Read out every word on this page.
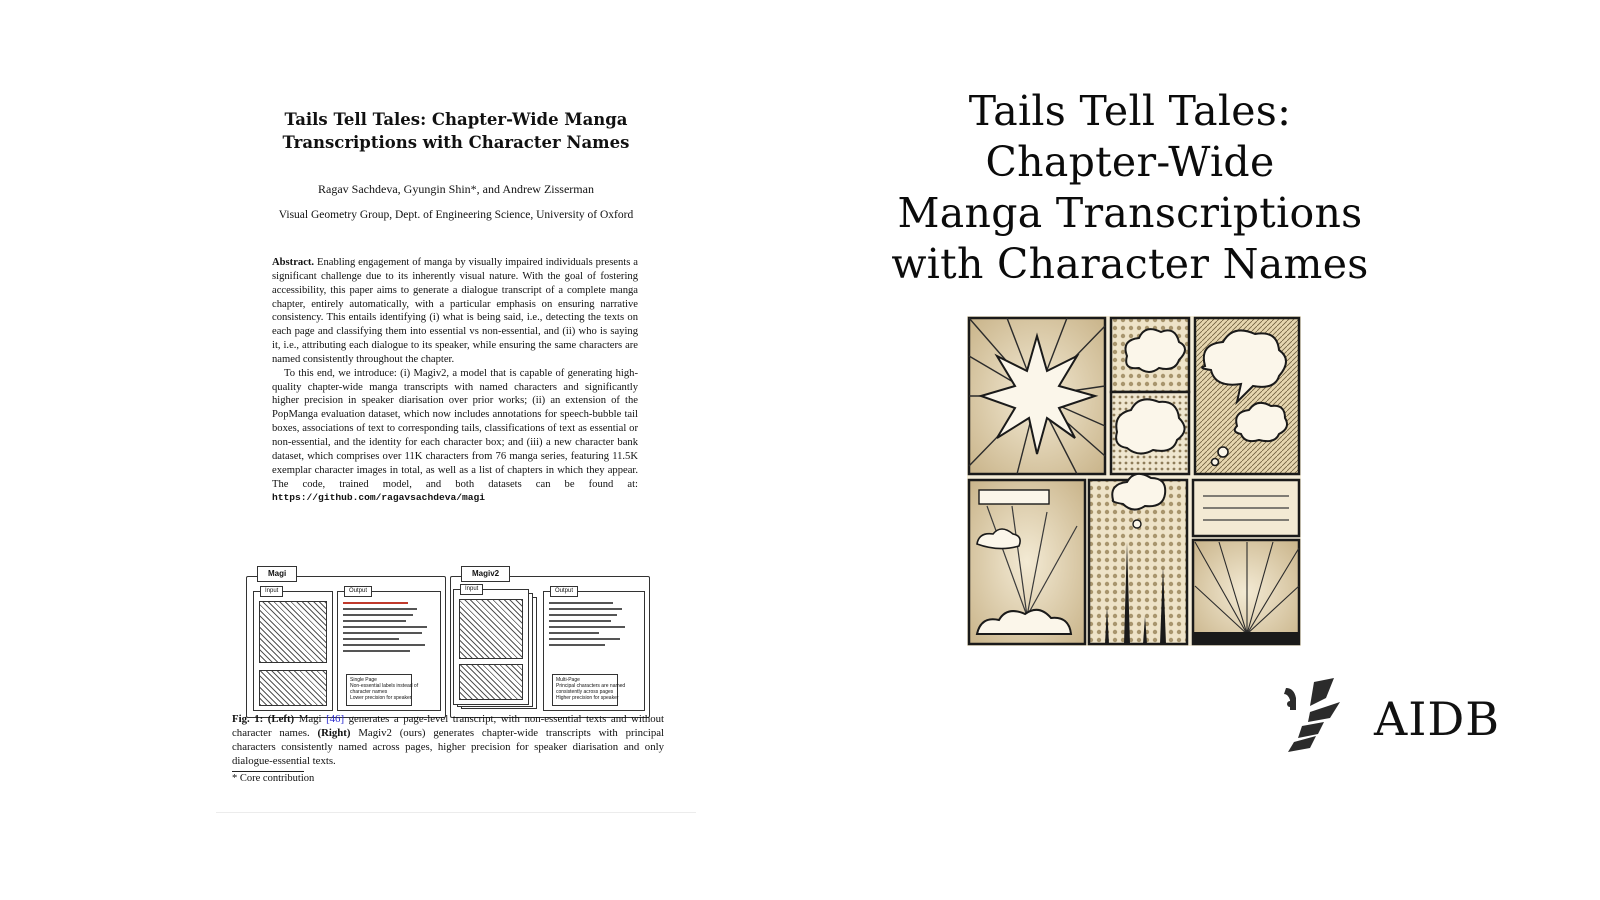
Tails Tell Tales: Chapter-Wide Manga
Transcriptions with Character Names
Ragav Sachdeva, Gyungin Shin*, and Andrew Zisserman
Visual Geometry Group, Dept. of Engineering Science, University of Oxford

Abstract. Enabling engagement of manga by visually impaired individuals presents a significant challenge due to its inherently visual nature. With the goal of fostering accessibility, this paper aims to generate a dialogue transcript of a complete manga chapter, entirely automatically, with a particular emphasis on ensuring narrative consistency. This entails identifying (i) what is being said, i.e., detecting the texts on each page and classifying them into essential vs non-essential, and (ii) who is saying it, i.e., attributing each dialogue to its speaker, while ensuring the same characters are named consistently throughout the chapter.

To this end, we introduce: (i) Magiv2, a model that is capable of generating high-quality chapter-wide manga transcripts with named characters and significantly higher precision in speaker diarisation over prior works; (ii) an extension of the PopManga evaluation dataset, which now includes annotations for speech-bubble tail boxes, associations of text to corresponding tails, classifications of text as essential or non-essential, and the identity for each character box; and (iii) a new character bank dataset, which comprises over 11K characters from 76 manga series, featuring 11.5K exemplar character images in total, as well as a list of chapters in which they appear. The code, trained model, and both datasets can be found at: https://github.com/ragavsachdeva/magi

Magi
Input	Output
Single Page
Non-essential labels instead of
character names
Lower precision for speaker
Magiv2
Input	Output
Multi-Page
Principal characters are named
consistently across pages
Higher precision for speaker
Fig. 1: (Left) Magi [46] generates a page-level transcript, with non-essential texts and without character names. (Right) Magiv2 (ours) generates chapter-wide transcripts with principal characters consistently named across pages, higher precision for speaker diarisation and only dialogue-essential texts.
* Core contribution
Tails Tell Tales:
Chapter-Wide
Manga Transcriptions
with Character Names
AIDB
